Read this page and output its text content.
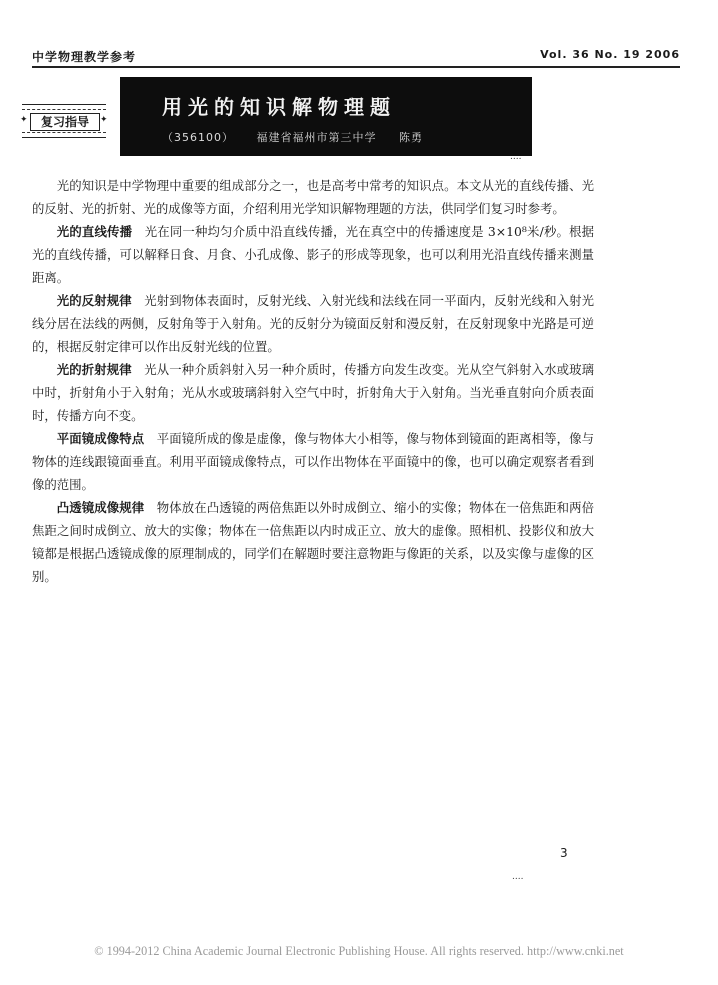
中学物理教学参考	Vol. 36 No. 19 2006
✦	✦
复习指导
用光的知识解物理题
（356100） 福建省福州市第三中学 陈勇
....

光的知识是中学物理中重要的组成部分之一，也是高考中常考的知识点。本文从光的直线传播、光的反射、光的折射、光的成像等方面，介绍利用光学知识解物理题的方法，供同学们复习时参考。

光的直线传播　 光在同一种均匀介质中沿直线传播，光在真空中的传播速度是 3×10⁸米/秒。根据光的直线传播，可以解释日食、月食、小孔成像、影子的形成等现象，也可以利用光沿直线传播来测量距离。

光的反射规律　 光射到物体表面时，反射光线、入射光线和法线在同一平面内，反射光线和入射光线分居在法线的两侧，反射角等于入射角。光的反射分为镜面反射和漫反射，在反射现象中光路是可逆的，根据反射定律可以作出反射光线的位置。

光的折射规律　 光从一种介质斜射入另一种介质时，传播方向发生改变。光从空气斜射入水或玻璃中时，折射角小于入射角；光从水或玻璃斜射入空气中时，折射角大于入射角。当光垂直射向介质表面时，传播方向不变。

平面镜成像特点　 平面镜所成的像是虚像，像与物体大小相等，像与物体到镜面的距离相等，像与物体的连线跟镜面垂直。利用平面镜成像特点，可以作出物体在平面镜中的像，也可以确定观察者看到像的范围。

凸透镜成像规律　 物体放在凸透镜的两倍焦距以外时成倒立、缩小的实像；物体在一倍焦距和两倍焦距之间时成倒立、放大的实像；物体在一倍焦距以内时成正立、放大的虚像。照相机、投影仪和放大镜都是根据凸透镜成像的原理制成的，同学们在解题时要注意物距与像距的关系，以及实像与虚像的区别。

3
....
© 1994-2012 China Academic Journal Electronic Publishing House. All rights reserved. http://www.cnki.net
